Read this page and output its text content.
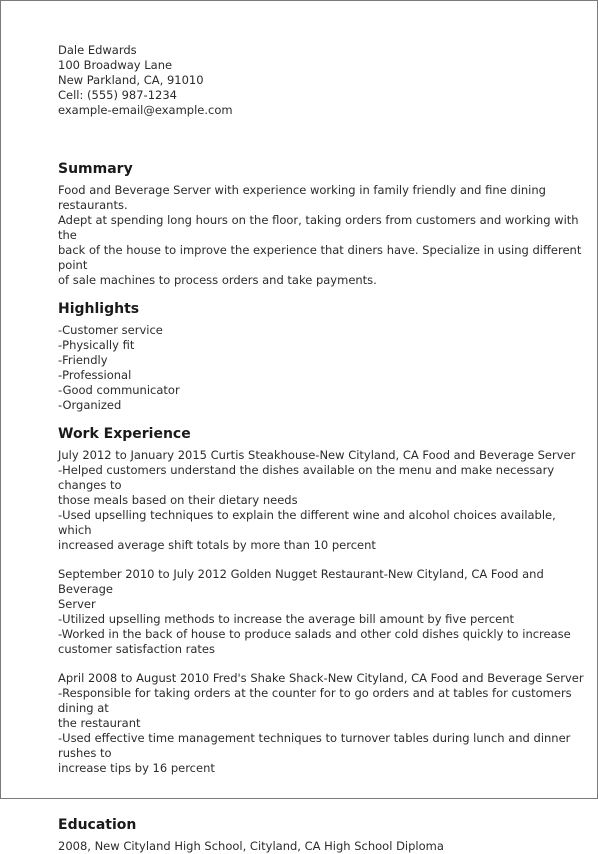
Dale Edwards
100 Broadway Lane
New Parkland, CA, 91010
Cell: (555) 987-1234
example-email@example.com
Summary
Food and Beverage Server with experience working in family friendly and fine dining restaurants.
Adept at spending long hours on the floor, taking orders from customers and working with the
back of the house to improve the experience that diners have. Specialize in using different point
of sale machines to process orders and take payments.
Highlights
-Customer service
-Physically fit
-Friendly
-Professional
-Good communicator
-Organized
Work Experience
July 2012 to January 2015 Curtis Steakhouse-New Cityland, CA Food and Beverage Server
-Helped customers understand the dishes available on the menu and make necessary changes to
those meals based on their dietary needs
-Used upselling techniques to explain the different wine and alcohol choices available, which
increased average shift totals by more than 10 percent
September 2010 to July 2012 Golden Nugget Restaurant-New Cityland, CA Food and Beverage
Server
-Utilized upselling methods to increase the average bill amount by five percent
-Worked in the back of house to produce salads and other cold dishes quickly to increase
customer satisfaction rates
April 2008 to August 2010 Fred's Shake Shack-New Cityland, CA Food and Beverage Server
-Responsible for taking orders at the counter for to go orders and at tables for customers dining at
the restaurant
-Used effective time management techniques to turnover tables during lunch and dinner rushes to
increase tips by 16 percent
Education
2008, New Cityland High School, Cityland, CA High School Diploma
